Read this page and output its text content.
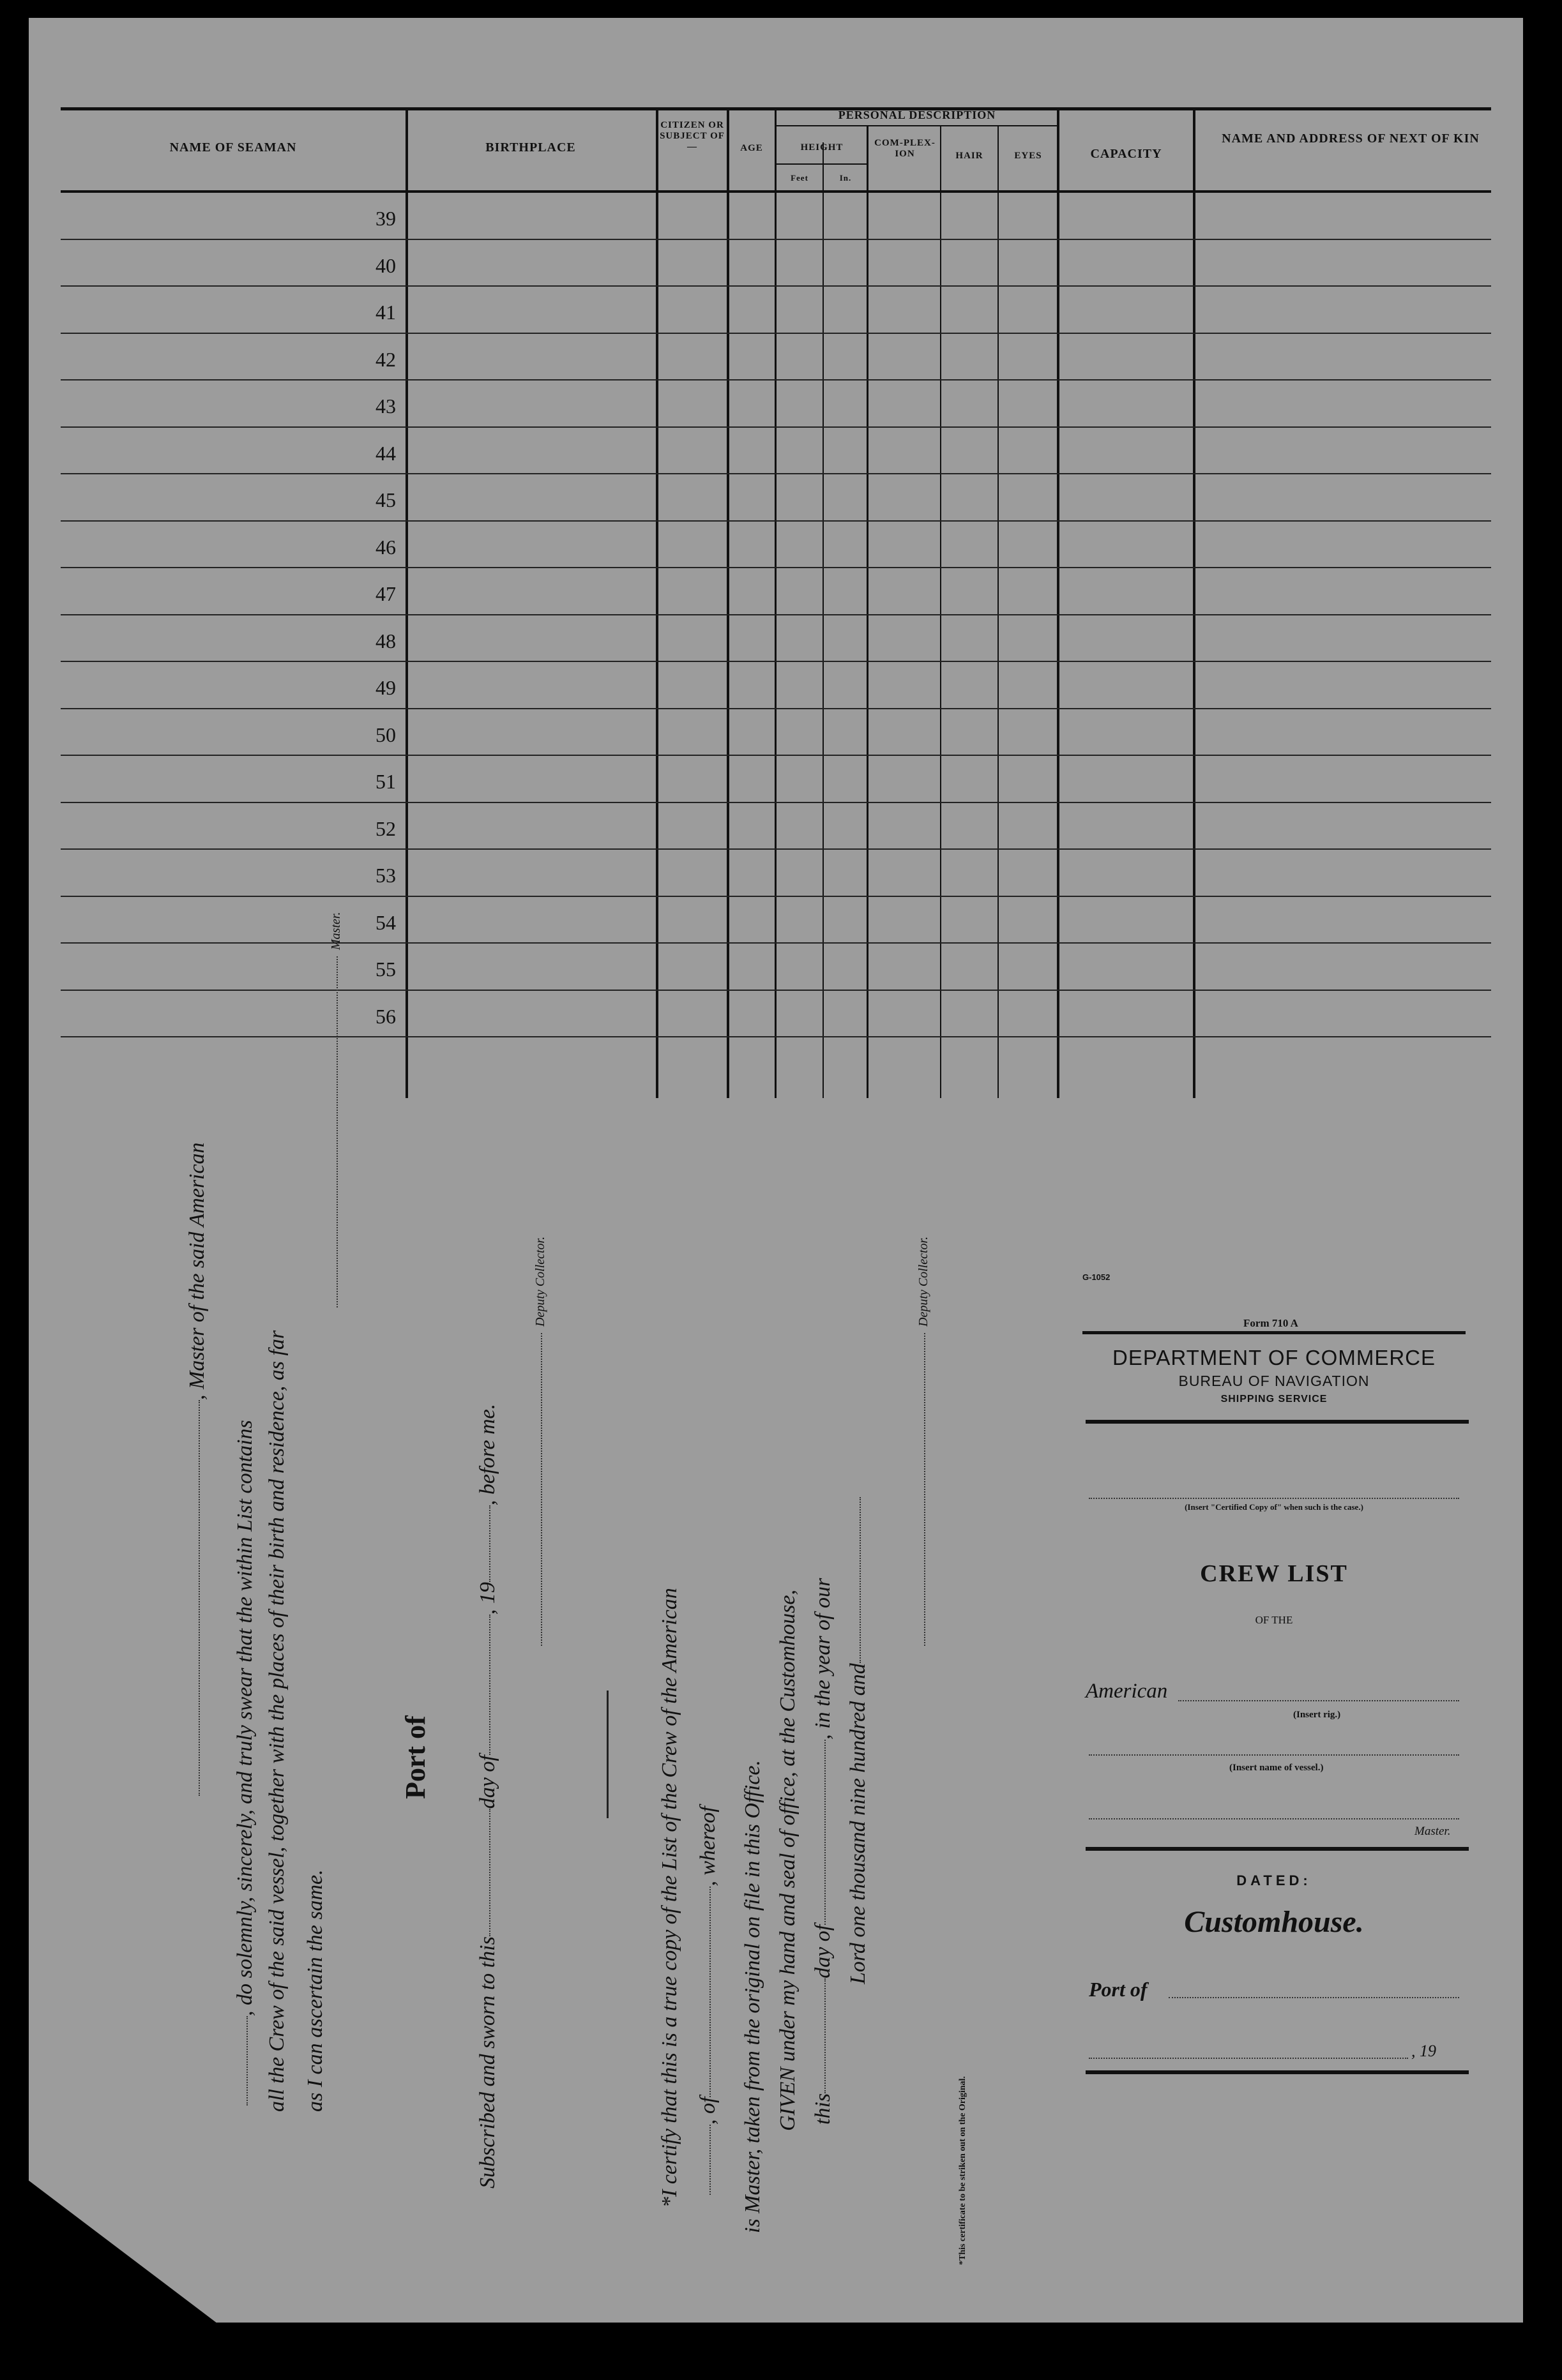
NAME OF SEAMAN	BIRTHPLACE
CITIZEN OR SUBJECT OF—	AGE
PERSONAL DESCRIPTION
HEIGHT
Feet	In.
COM-PLEX-ION	HAIR	EYES	CAPACITY
NAME AND ADDRESS OF NEXT OF KIN
39
40
41
42
43
44
45
46
47
48
49
50
51
52
53
54
55
56
, Master of the said American
, do solemnly, sincerely, and truly swear that the within List contains all the Crew of the said vessel, together with the places of their birth and residence, as far as I can ascertain the same.
Master.
Port of
Subscribed and sworn to thisday of, 19, before me.
Deputy Collector.
*I certify that this is a true copy of the List of the Crew of the American , of, whereof is Master, taken from the original on file in this Office. GIVEN under my hand and seal of office, at the Customhouse, thisday of, in the year of our
Lord one thousand nine hundred and
Deputy Collector.
*This certificate to be striken out on the Original.
G-1052
Form 710 A
DEPARTMENT OF COMMERCE
BUREAU OF NAVIGATION
SHIPPING SERVICE
(Insert "Certified Copy of" when such is the case.)
CREW LIST
OF THE
American
(Insert rig.)
(Insert name of vessel.)
Master.
DATED:
Customhouse.
Port of
, 19
